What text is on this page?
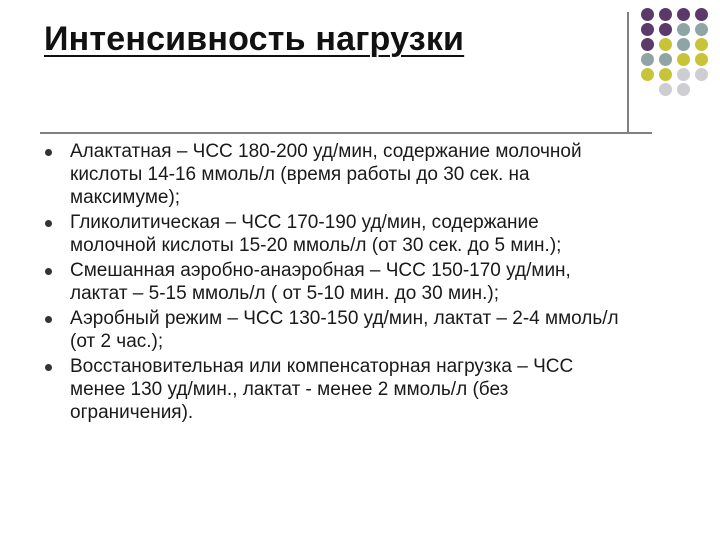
Интенсивность нагрузки
Алактатная – ЧСС 180-200 уд/мин, содержание молочной
кислоты 14-16 ммоль/л (время работы до 30 сек. на
максимуме);
Гликолитическая – ЧСС 170-190 уд/мин, содержание
молочной кислоты 15-20 ммоль/л (от 30 сек. до 5 мин.);
Смешанная аэробно-анаэробная – ЧСС 150-170 уд/мин,
лактат – 5-15 ммоль/л ( от 5-10 мин. до 30 мин.);
Аэробный режим – ЧСС 130-150 уд/мин, лактат – 2-4 ммоль/л
(от 2 час.);
Восстановительная или компенсаторная нагрузка – ЧСС
менее 130 уд/мин., лактат - менее 2 ммоль/л (без
ограничения).
